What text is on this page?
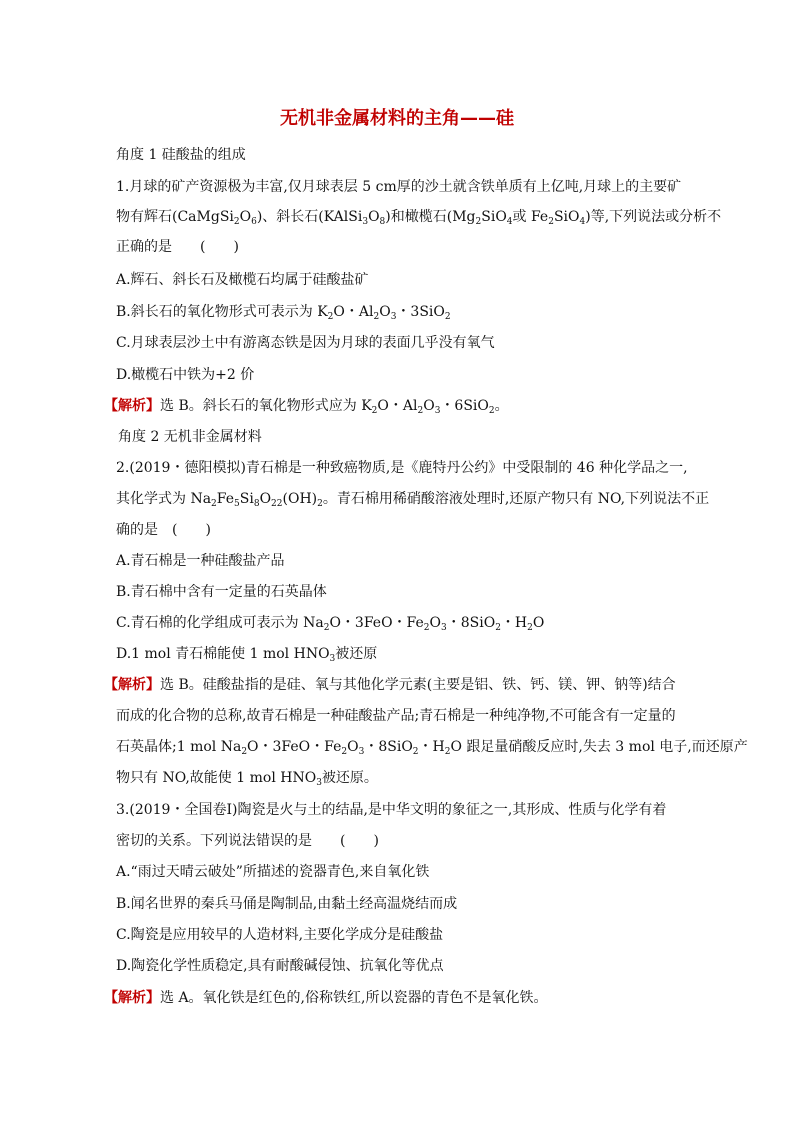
无机非金属材料的主角——硅
角度 1 硅酸盐的组成
1.月球的矿产资源极为丰富,仅月球表层 5 cm厚的沙土就含铁单质有上亿吨,月球上的主要矿
物有辉石$(CaMgSi_2O_6)$、斜长石$(KAlSi_3O_8)$和橄榄石($Mg_2SiO_4$或 $Fe_2SiO_4$)等,下列说法或分析不
正确的是　　(　　)
A.辉石、斜长石及橄榄石均属于硅酸盐矿
B.斜长石的氧化物形式可表示为 $K_2O$・$Al_2O_3$・3SiO$_2$
C.月球表层沙土中有游离态铁是因为月球的表面几乎没有氧气
D.橄榄石中铁为+2 价
【解析】选 B。斜长石的氧化物形式应为 $K_2O$・$Al_2O_3$・6SiO$_2$。
角度 2 无机非金属材料
2.(2019・德阳模拟)青石棉是一种致癌物质,是《鹿特丹公约》中受限制的 46 种化学品之一,
其化学式为 $Na_2Fe_5Si_8O_{22}(OH)_2$。青石棉用稀硝酸溶液处理时,还原产物只有 NO,下列说法不正
确的是　(　　)
A.青石棉是一种硅酸盐产品
B.青石棉中含有一定量的石英晶体
C.青石棉的化学组成可表示为 $Na_2O$・3FeO・$Fe_2O_3$・8SiO$_2$・$H_2O$
D.1 mol 青石棉能使 1 mol $HNO_3$被还原
【解析】选 B。硅酸盐指的是硅、氧与其他化学元素(主要是铝、铁、钙、镁、钾、钠等)结合
而成的化合物的总称,故青石棉是一种硅酸盐产品;青石棉是一种纯净物,不可能含有一定量的
石英晶体;1 mol $Na_2O$・3FeO・$Fe_2O_3$・8SiO$_2$・$H_2O$ 跟足量硝酸反应时,失去 3 mol 电子,而还原产
物只有 NO,故能使 1 mol $HNO_3$被还原。
3.(2019・全国卷Ⅰ)陶瓷是火与土的结晶,是中华文明的象征之一,其形成、性质与化学有着
密切的关系。下列说法错误的是　　(　　)
A.“雨过天晴云破处”所描述的瓷器青色,来自氧化铁
B.闻名世界的秦兵马俑是陶制品,由黏土经高温烧结而成
C.陶瓷是应用较早的人造材料,主要化学成分是硅酸盐
D.陶瓷化学性质稳定,具有耐酸碱侵蚀、抗氧化等优点
【解析】选 A。氧化铁是红色的,俗称铁红,所以瓷器的青色不是氧化铁。
